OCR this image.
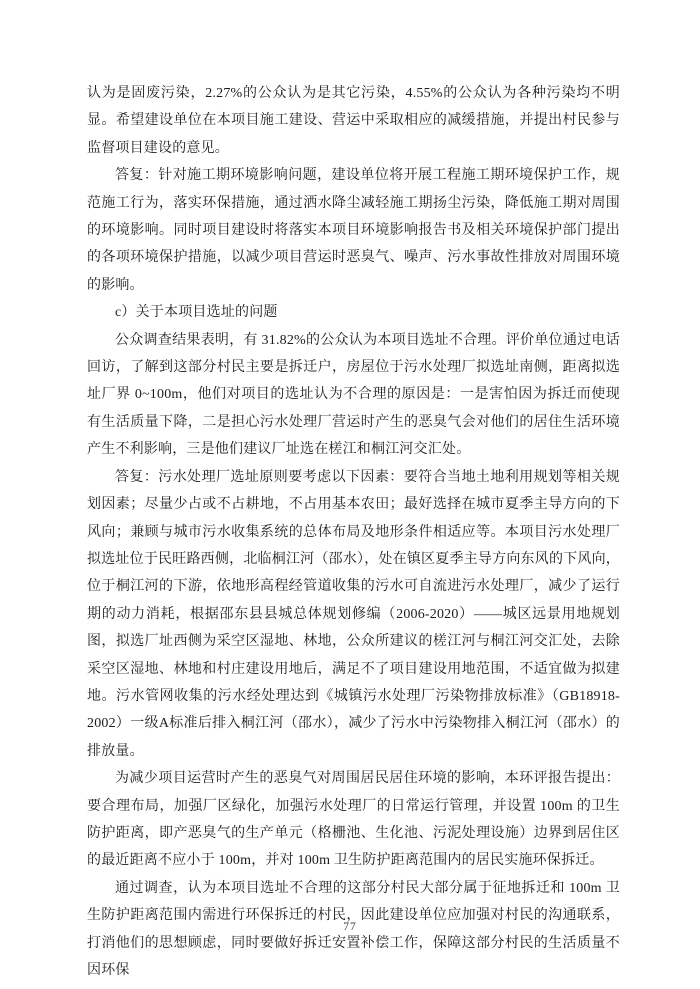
认为是固废污染，2.27%的公众认为是其它污染，4.55%的公众认为各种污染均不明显。希望建设单位在本项目施工建设、营运中采取相应的减缓措施，并提出村民参与监督项目建设的意见。

答复：针对施工期环境影响问题，建设单位将开展工程施工期环境保护工作，规范施工行为，落实环保措施，通过洒水降尘减轻施工期扬尘污染，降低施工期对周围的环境影响。同时项目建设时将落实本项目环境影响报告书及相关环境保护部门提出的各项环境保护措施，以减少项目营运时恶臭气、噪声、污水事故性排放对周围环境的影响。

c）关于本项目选址的问题

公众调查结果表明，有 31.82%的公众认为本项目选址不合理。评价单位通过电话回访，了解到这部分村民主要是拆迁户，房屋位于污水处理厂拟选址南侧，距离拟选址厂界 0~100m，他们对项目的选址认为不合理的原因是：一是害怕因为拆迁而使现有生活质量下降，二是担心污水处理厂营运时产生的恶臭气会对他们的居住生活环境产生不利影响，三是他们建议厂址选在槎江和桐江河交汇处。

答复：污水处理厂选址原则要考虑以下因素：要符合当地土地利用规划等相关规划因素；尽量少占或不占耕地，不占用基本农田；最好选择在城市夏季主导方向的下风向；兼顾与城市污水收集系统的总体布局及地形条件相适应等。本项目污水处理厂拟选址位于民旺路西侧，北临桐江河（邵水），处在镇区夏季主导方向东风的下风向，位于桐江河的下游，依地形高程经管道收集的污水可自流进污水处理厂，减少了运行期的动力消耗，根据邵东县县城总体规划修编（2006-2020）——城区远景用地规划图，拟选厂址西侧为采空区湿地、林地，公众所建议的槎江河与桐江河交汇处，去除采空区湿地、林地和村庄建设用地后，满足不了项目建设用地范围，不适宜做为拟建地。污水管网收集的污水经处理达到《城镇污水处理厂污染物排放标准》（GB18918-2002）一级A标准后排入桐江河（邵水），减少了污水中污染物排入桐江河（邵水）的排放量。

为减少项目运营时产生的恶臭气对周围居民居住环境的影响，本环评报告提出：要合理布局，加强厂区绿化，加强污水处理厂的日常运行管理，并设置 100m 的卫生防护距离，即产恶臭气的生产单元（格栅池、生化池、污泥处理设施）边界到居住区的最近距离不应小于 100m，并对 100m 卫生防护距离范围内的居民实施环保拆迁。

通过调查，认为本项目选址不合理的这部分村民大部分属于征地拆迁和 100m 卫生防护距离范围内需进行环保拆迁的村民，因此建设单位应加强对村民的沟通联系，打消他们的思想顾虑，同时要做好拆迁安置补偿工作，保障这部分村民的生活质量不因环保

77
